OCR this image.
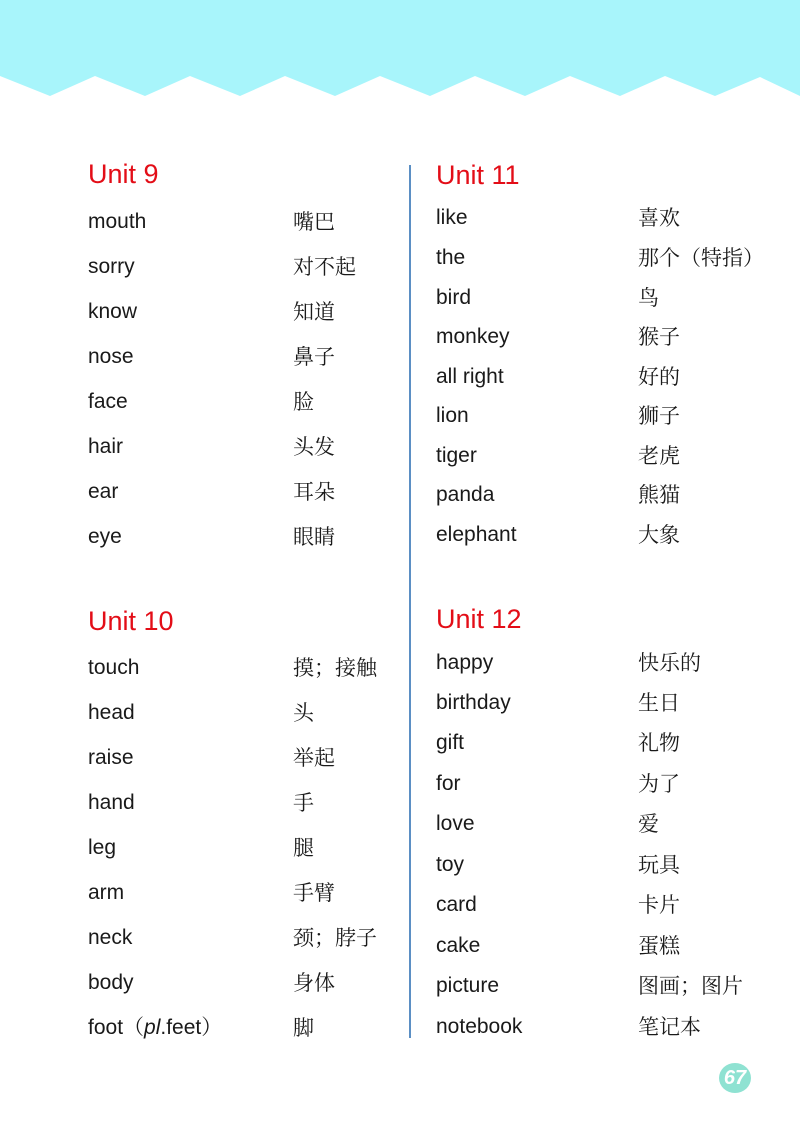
Unit 9
mouth	嘴巴
sorry	对不起
know	知道
nose	鼻子
face	脸
hair	头发
ear	耳朵
eye	眼睛
Unit 10
touch	摸；接触
head	头
raise	举起
hand	手
leg	腿
arm	手臂
neck	颈；脖子
body	身体
foot（pl.feet）	脚
Unit 11
like	喜欢
the	那个（特指）
bird	鸟
monkey	猴子
all right	好的
lion	狮子
tiger	老虎
panda	熊猫
elephant	大象
Unit 12
happy	快乐的
birthday	生日
gift	礼物
for	为了
love	爱
toy	玩具
card	卡片
cake	蛋糕
picture	图画；图片
notebook	笔记本
67
